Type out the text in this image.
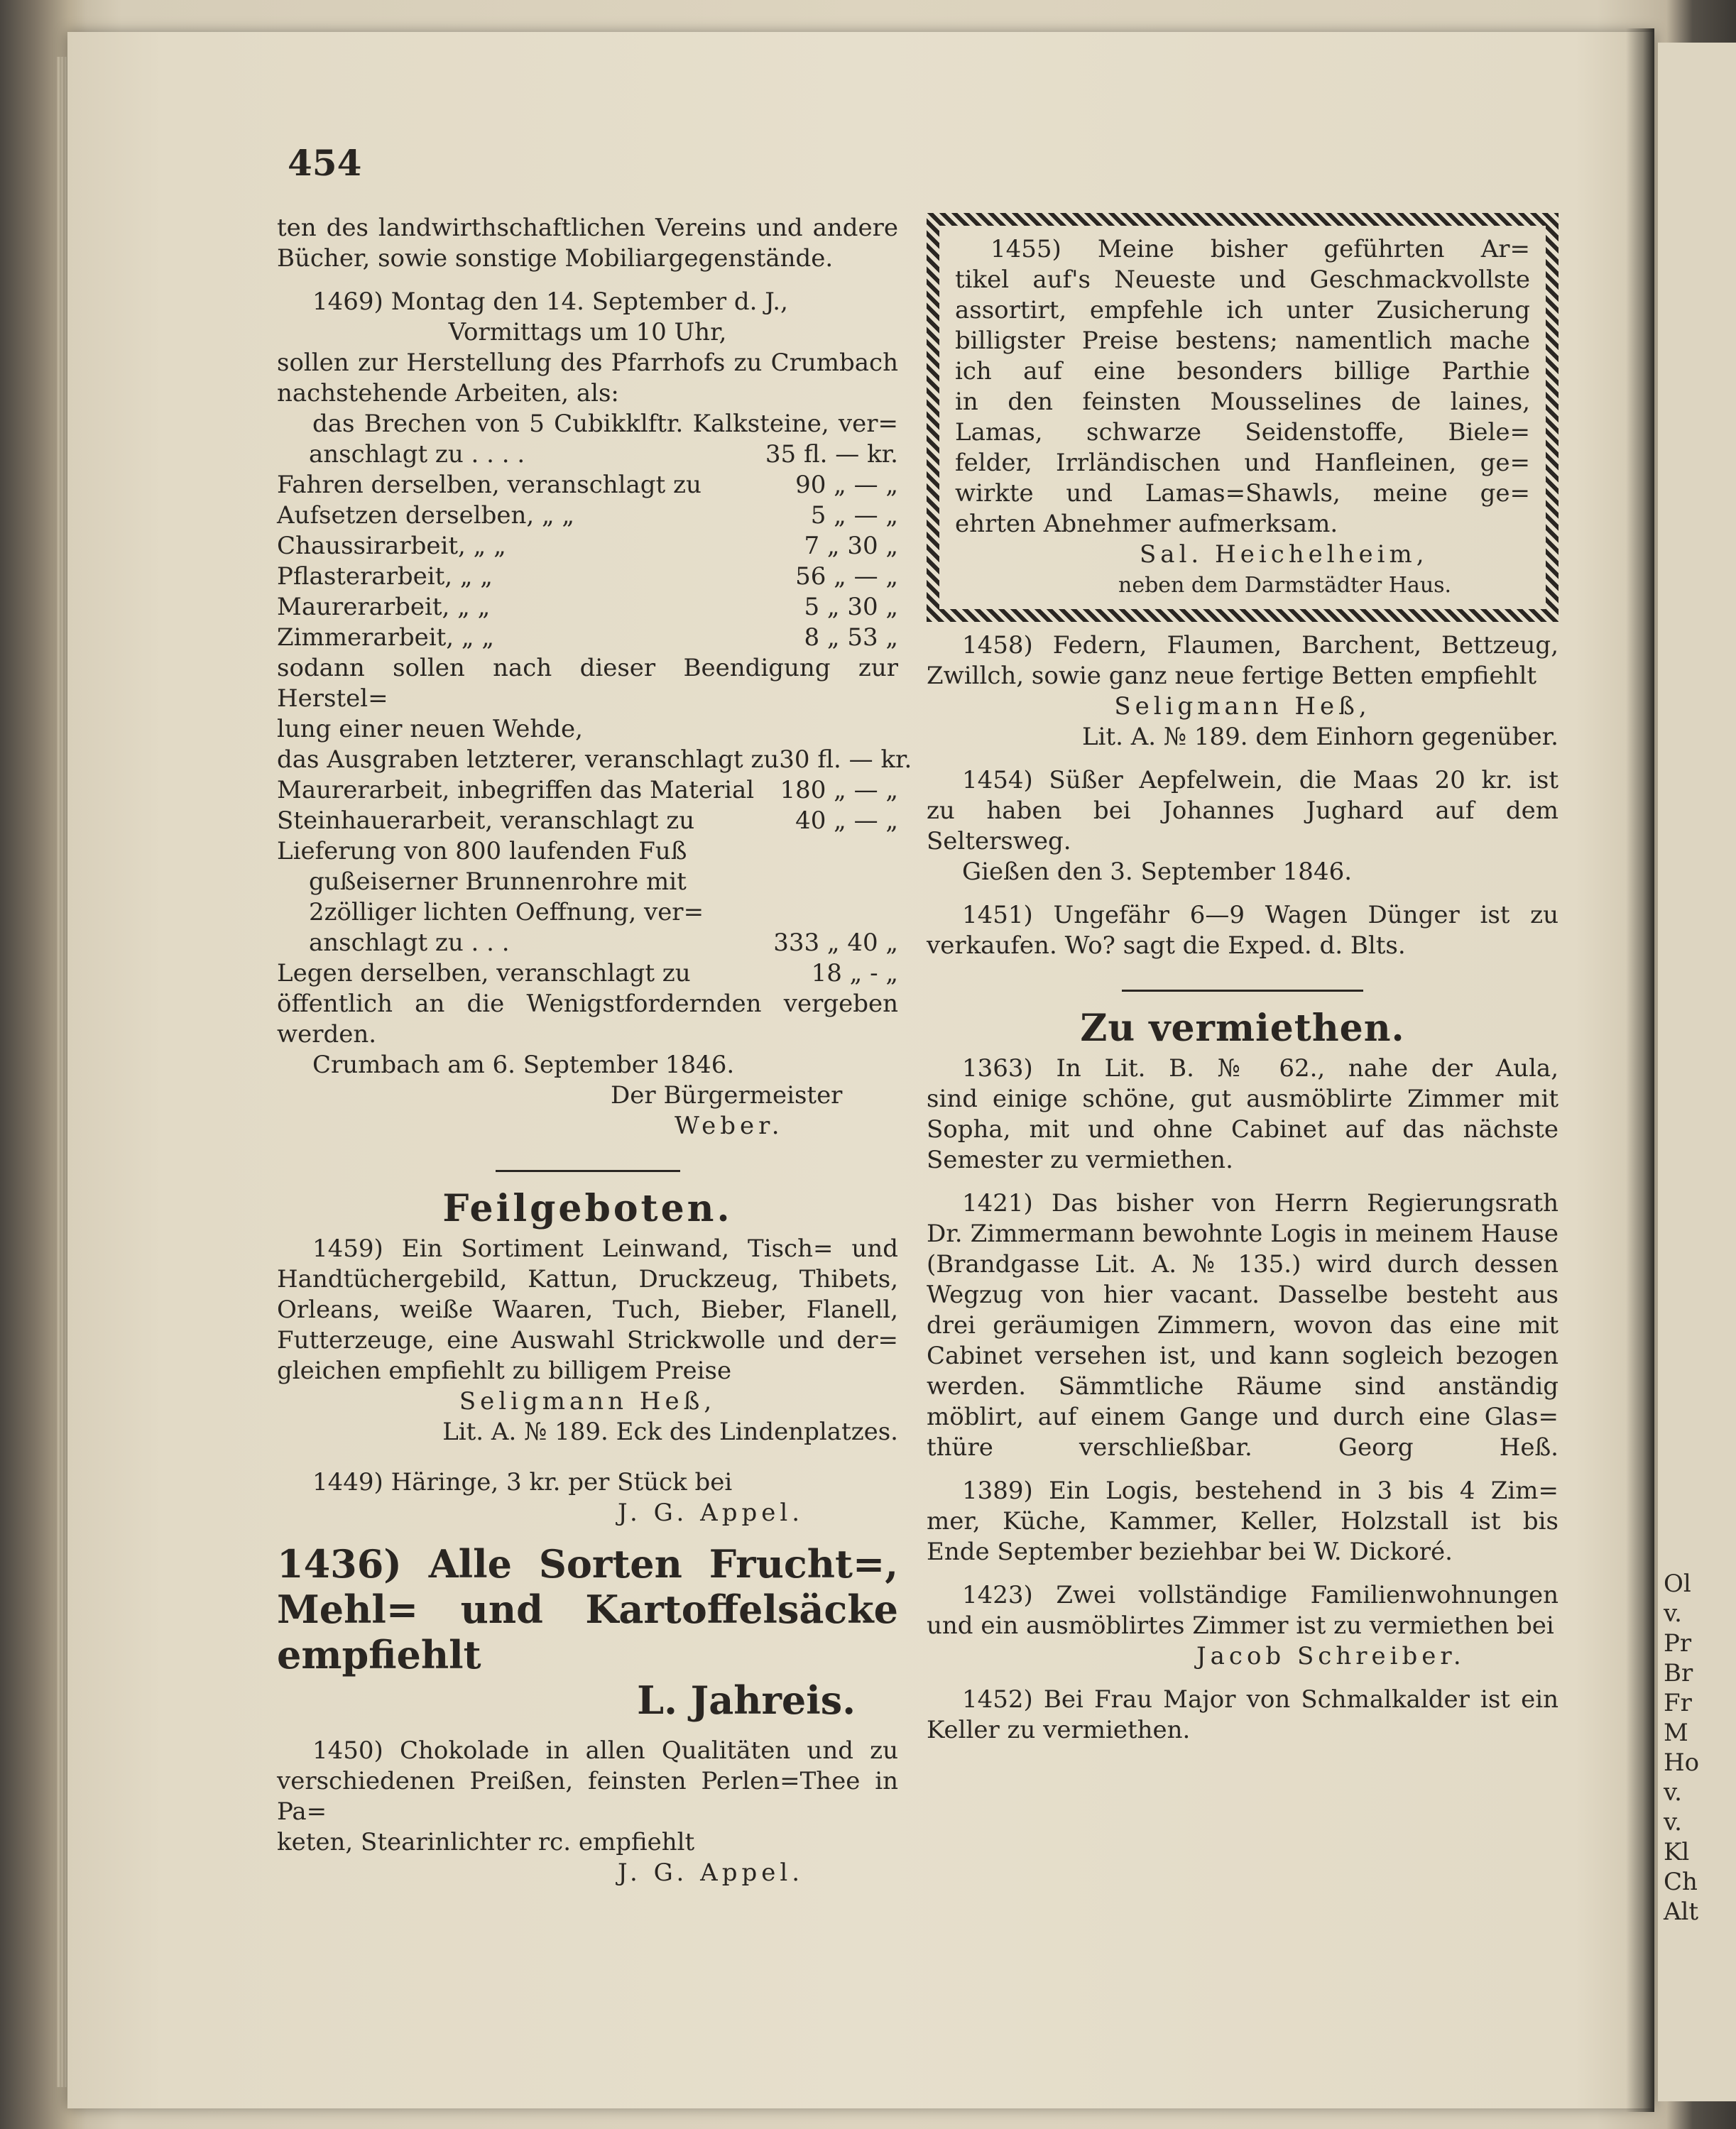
Ol
v.
Pr
Br
Fr
M
Ho
v.
v.
Kl
Ch
Alt
454

ten des landwirthschaftlichen Vereins und andere

Bücher, sowie sonstige Mobiliargegenstände.

1469) Montag den 14. September d. J.,

Vormittags um 10 Uhr,

sollen zur Herstellung des Pfarrhofs zu Crumbach

nachstehende Arbeiten, als:

das Brechen von 5 Cubikklftr. Kalksteine, ver=

anschlagt zu . . . .	35 fl. — kr.
Fahren derselben, veranschlagt zu	90 „ — „
Aufsetzen derselben, „ „	5 „ — „
Chaussirarbeit, „ „	7 „ 30 „
Pflasterarbeit, „ „	56 „ — „
Maurerarbeit, „ „	5 „ 30 „
Zimmerarbeit, „ „	8 „ 53 „

sodann sollen nach dieser Beendigung zur Herstel=

lung einer neuen Wehde,

das Ausgraben letzterer, veranschlagt zu 30 fl. — kr.
Maurerarbeit, inbegriffen das Material	180 „ — „
Steinhauerarbeit, veranschlagt zu	40 „ — „

Lieferung von 800 laufenden Fuß

gußeiserner Brunnenrohre mit

2zölliger lichten Oeffnung, ver=

anschlagt zu . . .	333 „ 40 „
Legen derselben, veranschlagt zu	18 „ - „

öffentlich an die Wenigstfordernden vergeben werden.

Crumbach am 6. September 1846.

Der Bürgermeister

Weber.

Feilgeboten.

1459) Ein Sortiment Leinwand, Tisch= und

Handtüchergebild, Kattun, Druckzeug, Thibets,

Orleans, weiße Waaren, Tuch, Bieber, Flanell,

Futterzeuge, eine Auswahl Strickwolle und der=

gleichen empfiehlt zu billigem Preise

Seligmann Heß,

Lit. A. № 189. Eck des Lindenplatzes.

1449) Häringe, 3 kr. per Stück bei

J. G. Appel.

1436) Alle Sorten Frucht=,

Mehl= und Kartoffelsäcke empfiehlt

L. Jahreis.

1450) Chokolade in allen Qualitäten und zu

verschiedenen Preißen, feinsten Perlen=Thee in Pa=

keten, Stearinlichter rc. empfiehlt

J. G. Appel.

1455) Meine bisher geführten Ar=

tikel auf's Neueste und Geschmackvollste

assortirt, empfehle ich unter Zusicherung

billigster Preise bestens; namentlich mache

ich auf eine besonders billige Parthie

in den feinsten Mousselines de laines,

Lamas, schwarze Seidenstoffe, Biele=

felder, Irrländischen und Hanfleinen, ge=

wirkte und Lamas=Shawls, meine ge=

ehrten Abnehmer aufmerksam.

Sal. Heichelheim,

neben dem Darmstädter Haus.

1458) Federn, Flaumen, Barchent, Bettzeug,

Zwillch, sowie ganz neue fertige Betten empfiehlt

Seligmann Heß,

Lit. A. № 189. dem Einhorn gegenüber.

1454) Süßer Aepfelwein, die Maas 20 kr. ist

zu haben bei Johannes Jughard auf dem

Seltersweg.

Gießen den 3. September 1846.

1451) Ungefähr 6—9 Wagen Dünger ist zu

verkaufen. Wo? sagt die Exped. d. Blts.

Zu vermiethen.

1363) In Lit. B. № 62., nahe der Aula,

sind einige schöne, gut ausmöblirte Zimmer mit

Sopha, mit und ohne Cabinet auf das nächste

Semester zu vermiethen.

1421) Das bisher von Herrn Regierungsrath

Dr. Zimmermann bewohnte Logis in meinem Hause

(Brandgasse Lit. A. № 135.) wird durch dessen

Wegzug von hier vacant. Dasselbe besteht aus

drei geräumigen Zimmern, wovon das eine mit

Cabinet versehen ist, und kann sogleich bezogen

werden. Sämmtliche Räume sind anständig

möblirt, auf einem Gange und durch eine Glas=

thüre verschließbar. Georg Heß.

1389) Ein Logis, bestehend in 3 bis 4 Zim=

mer, Küche, Kammer, Keller, Holzstall ist bis

Ende September beziehbar bei W. Dickoré.

1423) Zwei vollständige Familienwohnungen

und ein ausmöblirtes Zimmer ist zu vermiethen bei

Jacob Schreiber.

1452) Bei Frau Major von Schmalkalder ist ein

Keller zu vermiethen.
